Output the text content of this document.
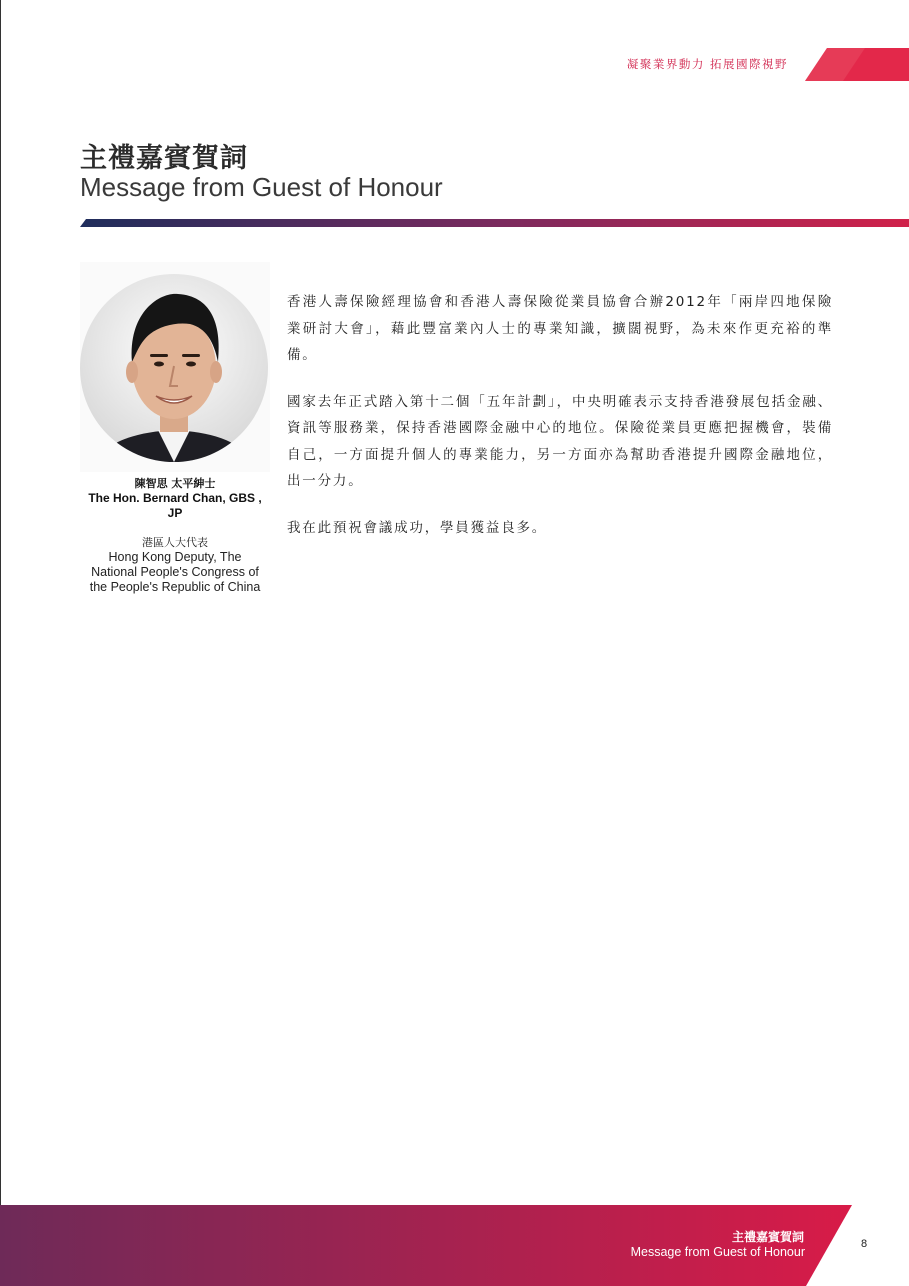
凝聚業界動力 拓展國際視野
主禮嘉賓賀詞
Message from Guest of Honour
陳智思 太平紳士
The Hon. Bernard Chan, GBS , JP
港區人大代表
Hong Kong Deputy, The
National People's Congress of
the People's Republic of China

香港人壽保險經理協會和香港人壽保險從業員協會合辦2012年「兩岸四地保險業研討大會」，藉此豐富業內人士的專業知識，擴闊視野，為未來作更充裕的準備。

國家去年正式踏入第十二個「五年計劃」，中央明確表示支持香港發展包括金融、資訊等服務業，保持香港國際金融中心的地位。保險從業員更應把握機會，裝備自己，一方面提升個人的專業能力，另一方面亦為幫助香港提升國際金融地位，出一分力。

我在此預祝會議成功，學員獲益良多。

主禮嘉賓賀詞
Message from Guest of Honour
8
